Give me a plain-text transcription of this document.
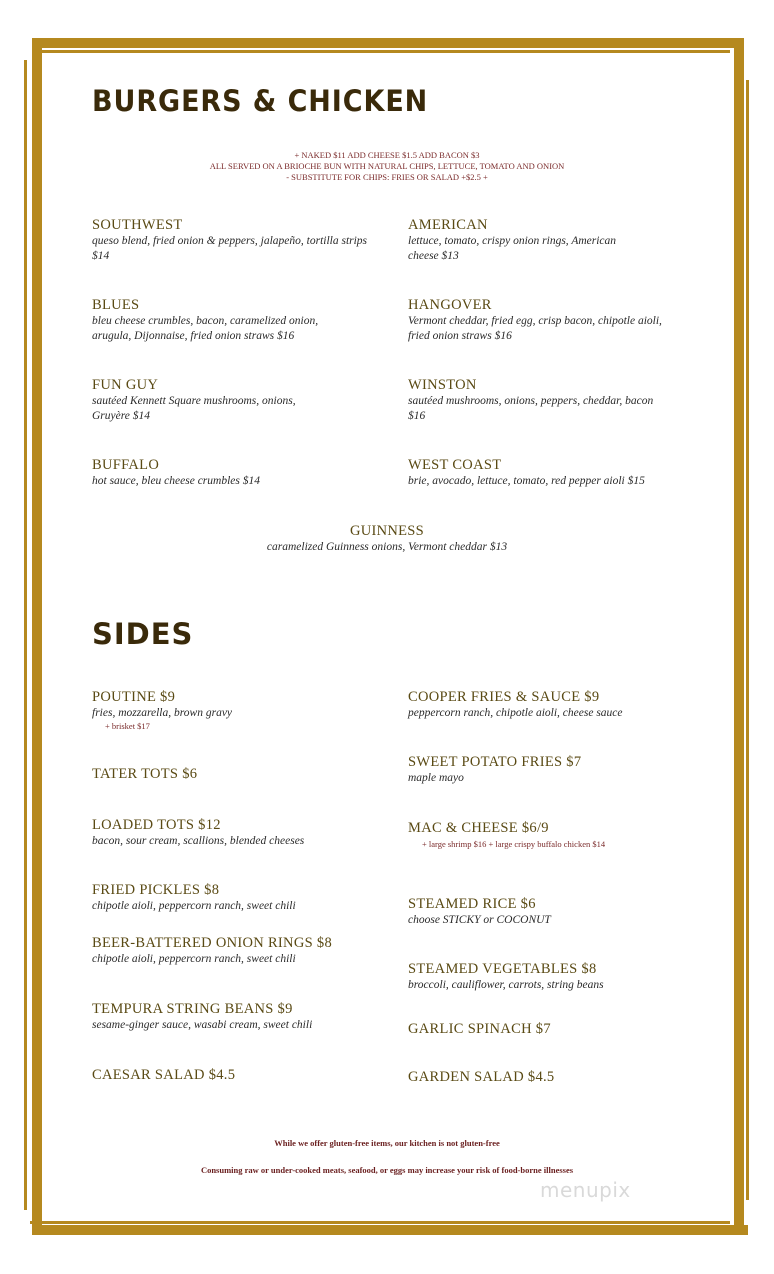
BURGERS & CHICKEN
+ NAKED $11 ADD CHEESE $1.5 ADD BACON $3
ALL SERVED ON A BRIOCHE BUN WITH NATURAL CHIPS, LETTUCE, TOMATO AND ONION
- SUBSTITUTE FOR CHIPS: FRIES OR SALAD +$2.5 +
SOUTHWEST
queso blend, fried onion & peppers, jalapeño, tortilla strips $14
AMERICAN
lettuce, tomato, crispy onion rings, American cheese $13
BLUES
bleu cheese crumbles, bacon, caramelized onion, arugula, Dijonnaise, fried onion straws $16
HANGOVER
Vermont cheddar, fried egg, crisp bacon, chipotle aioli, fried onion straws $16
FUN GUY
sautéed Kennett Square mushrooms, onions, Gruyère $14
WINSTON
sautéed mushrooms, onions, peppers, cheddar, bacon $16
BUFFALO
hot sauce, bleu cheese crumbles $14
WEST COAST
brie, avocado, lettuce, tomato, red pepper aioli $15
GUINNESS
caramelized Guinness onions, Vermont cheddar $13
SIDES
POUTINE $9
fries, mozzarella, brown gravy
+ brisket $17
COOPER FRIES & SAUCE $9
peppercorn ranch, chipotle aioli, cheese sauce
TATER TOTS $6
SWEET POTATO FRIES $7
maple mayo
LOADED TOTS $12
bacon, sour cream, scallions, blended cheeses
MAC & CHEESE $6/9
+ large shrimp $16 + large crispy buffalo chicken $14
FRIED PICKLES $8
chipotle aioli, peppercorn ranch, sweet chili	STEAMED RICE $6
choose STICKY or COCONUT
BEER-BATTERED ONION RINGS $8
chipotle aioli, peppercorn ranch, sweet chili
STEAMED VEGETABLES $8
broccoli, cauliflower, carrots, string beans
TEMPURA STRING BEANS $9
sesame-ginger sauce, wasabi cream, sweet chili	GARLIC SPINACH $7
CAESAR SALAD $4.5	GARDEN SALAD $4.5
While we offer gluten-free items, our kitchen is not gluten-free
Consuming raw or under-cooked meats, seafood, or eggs may increase your risk of food-borne illnesses
menupix
